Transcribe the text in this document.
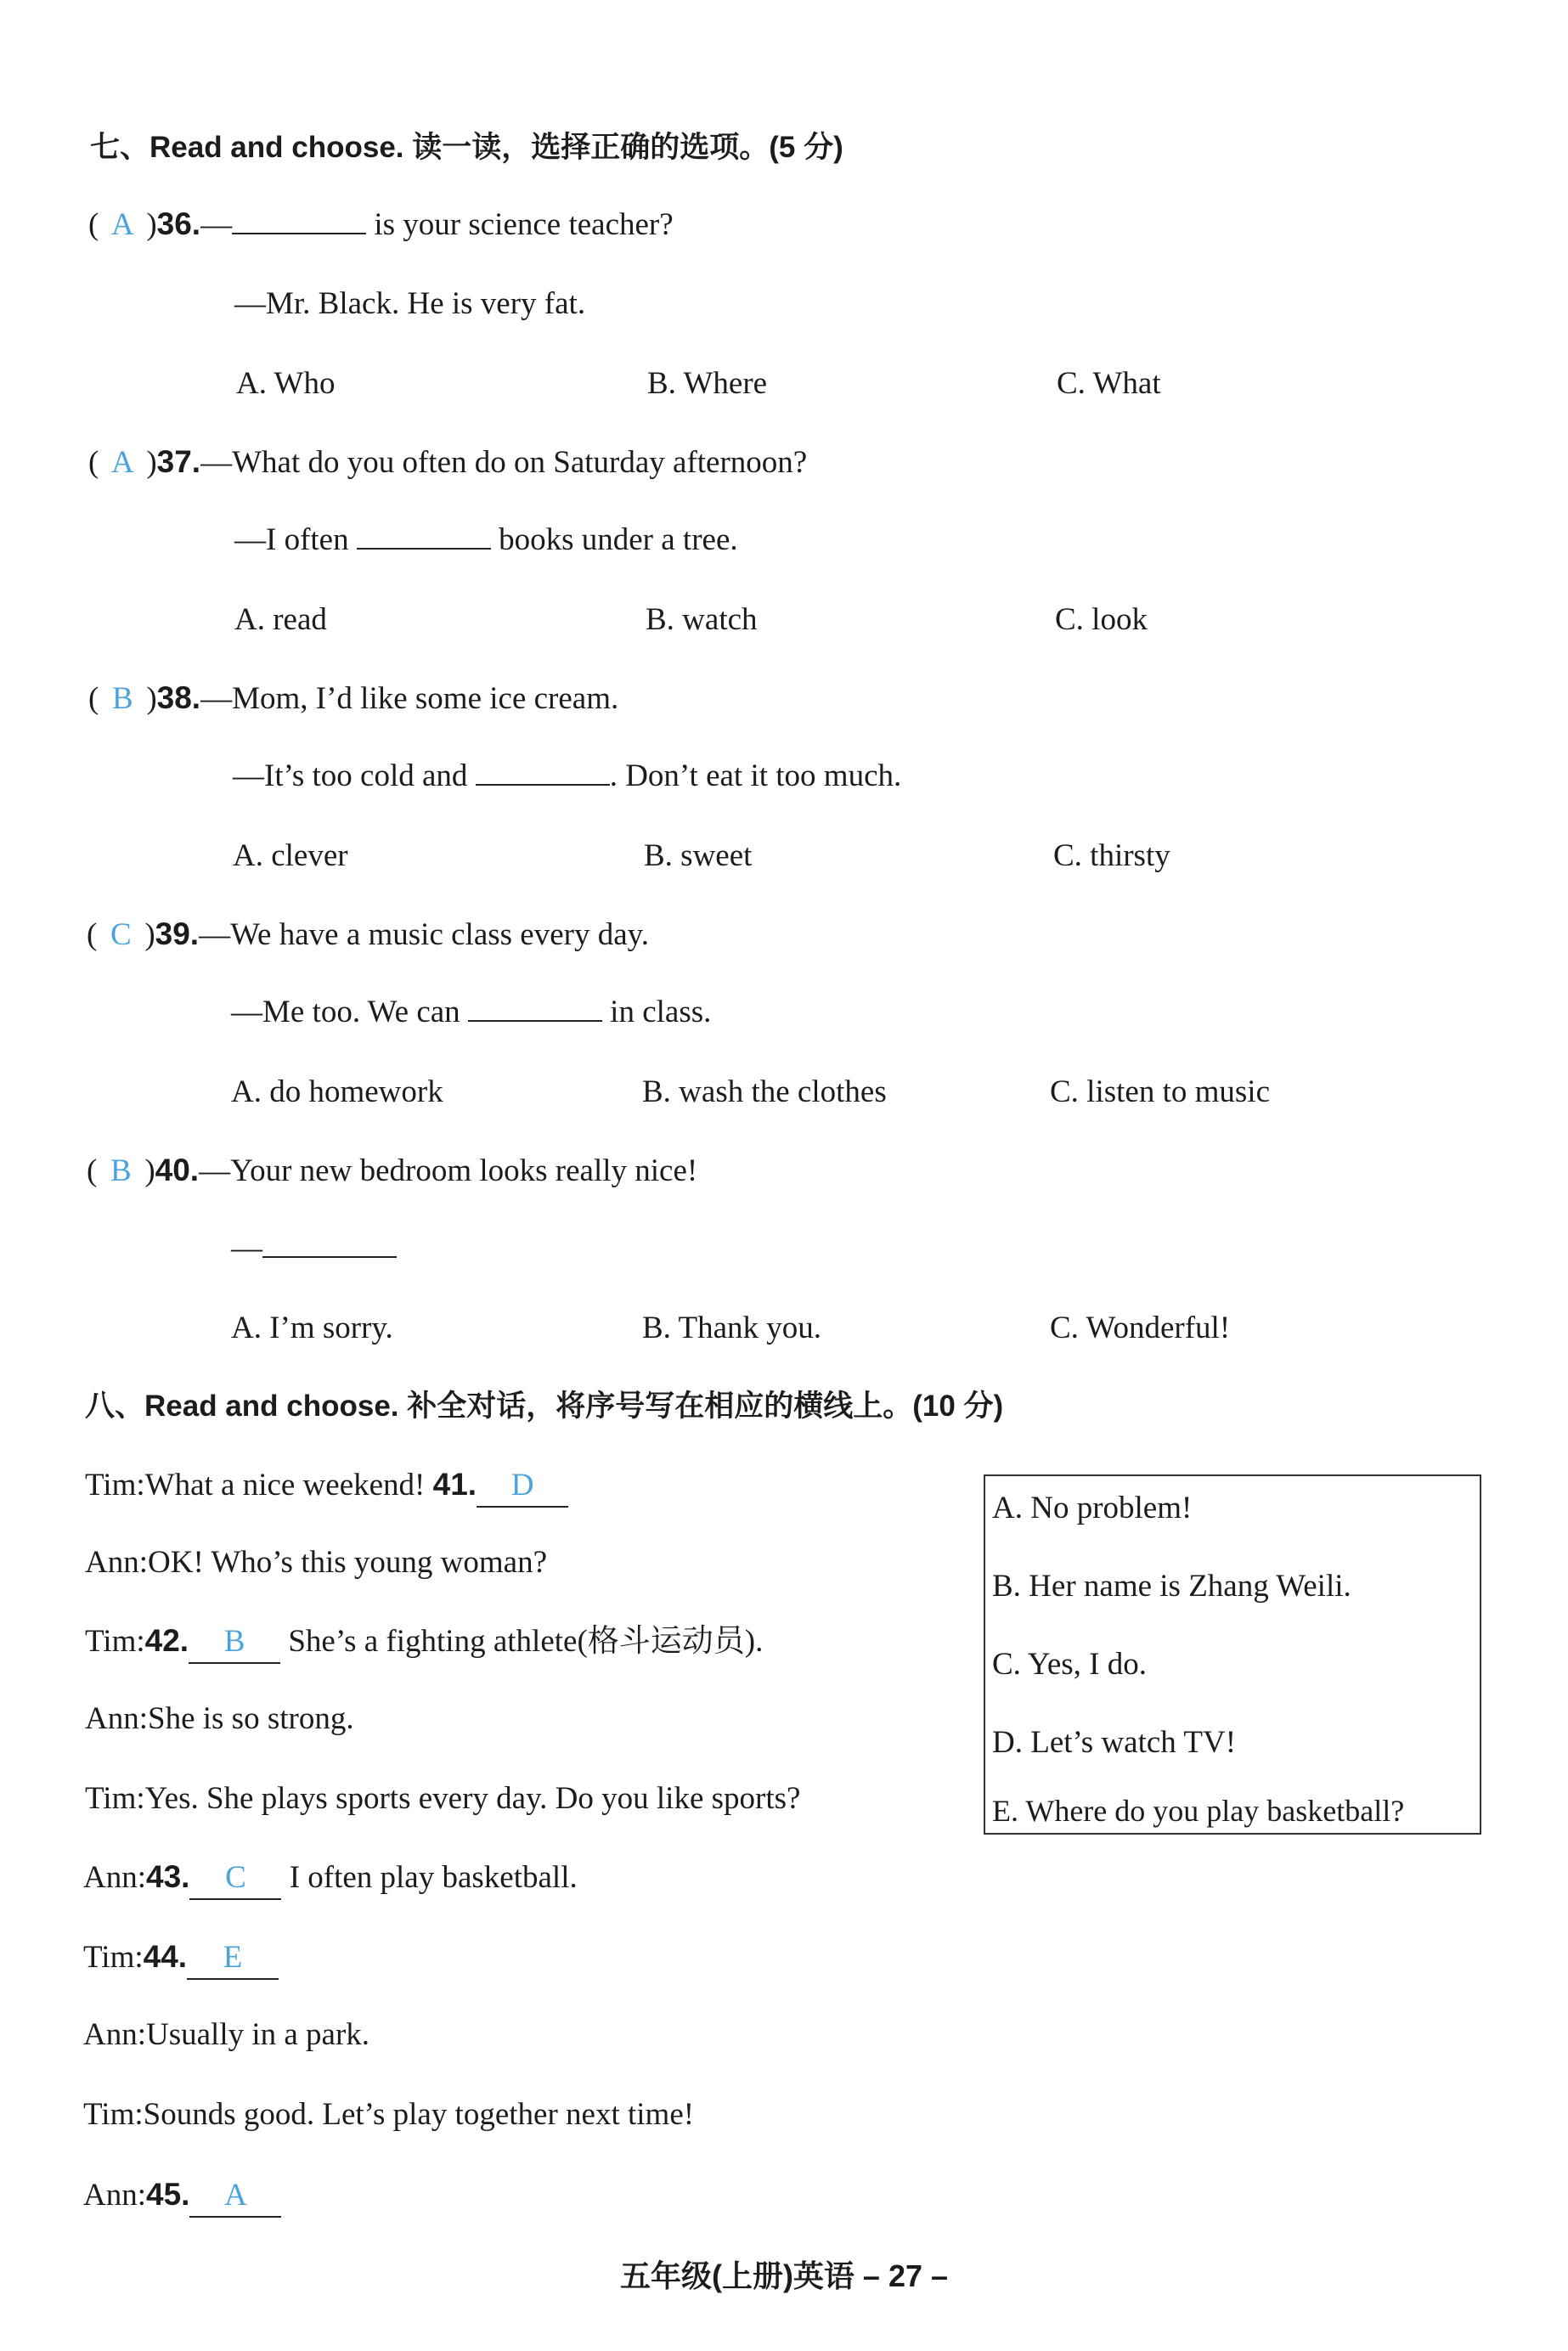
七、Read and choose. 读一读，选择正确的选项。(5 分)
( A )36.—	is your science teacher?
—Mr. Black. He is very fat.
A. Who	B. Where	C. What
( A )37.—What do you often do on Saturday afternoon?
—I often	books under a tree.
A. read	B. watch	C. look
( B )38.—Mom, I’d like some ice cream.
—It’s too cold and	. Don’t eat it too much.
A. clever	B. sweet	C. thirsty
( C )39.—We have a music class every day.
—Me too. We can	in class.
A. do homework	B. wash the clothes	C. listen to music
( B )40.—Your new bedroom looks really nice!
—
A. I’m sorry.	B. Thank you.	C. Wonderful!
八、Read and choose. 补全对话，将序号写在相应的横线上。(10 分)
Tim:What a nice weekend! 41. D
Ann:OK! Who’s this young woman?
Tim:42. B She’s a fighting athlete(格斗运动员).
Ann:She is so strong.
Tim:Yes. She plays sports every day. Do you like sports?
Ann:43. C I often play basketball.
Tim:44. E
Ann:Usually in a park.
Tim:Sounds good. Let’s play together next time!
Ann:45. A
A. No problem!
B. Her name is Zhang Weili.
C. Yes, I do.
D. Let’s watch TV!
E. Where do you play basketball?
五年级(上册)英语 – 27 –
